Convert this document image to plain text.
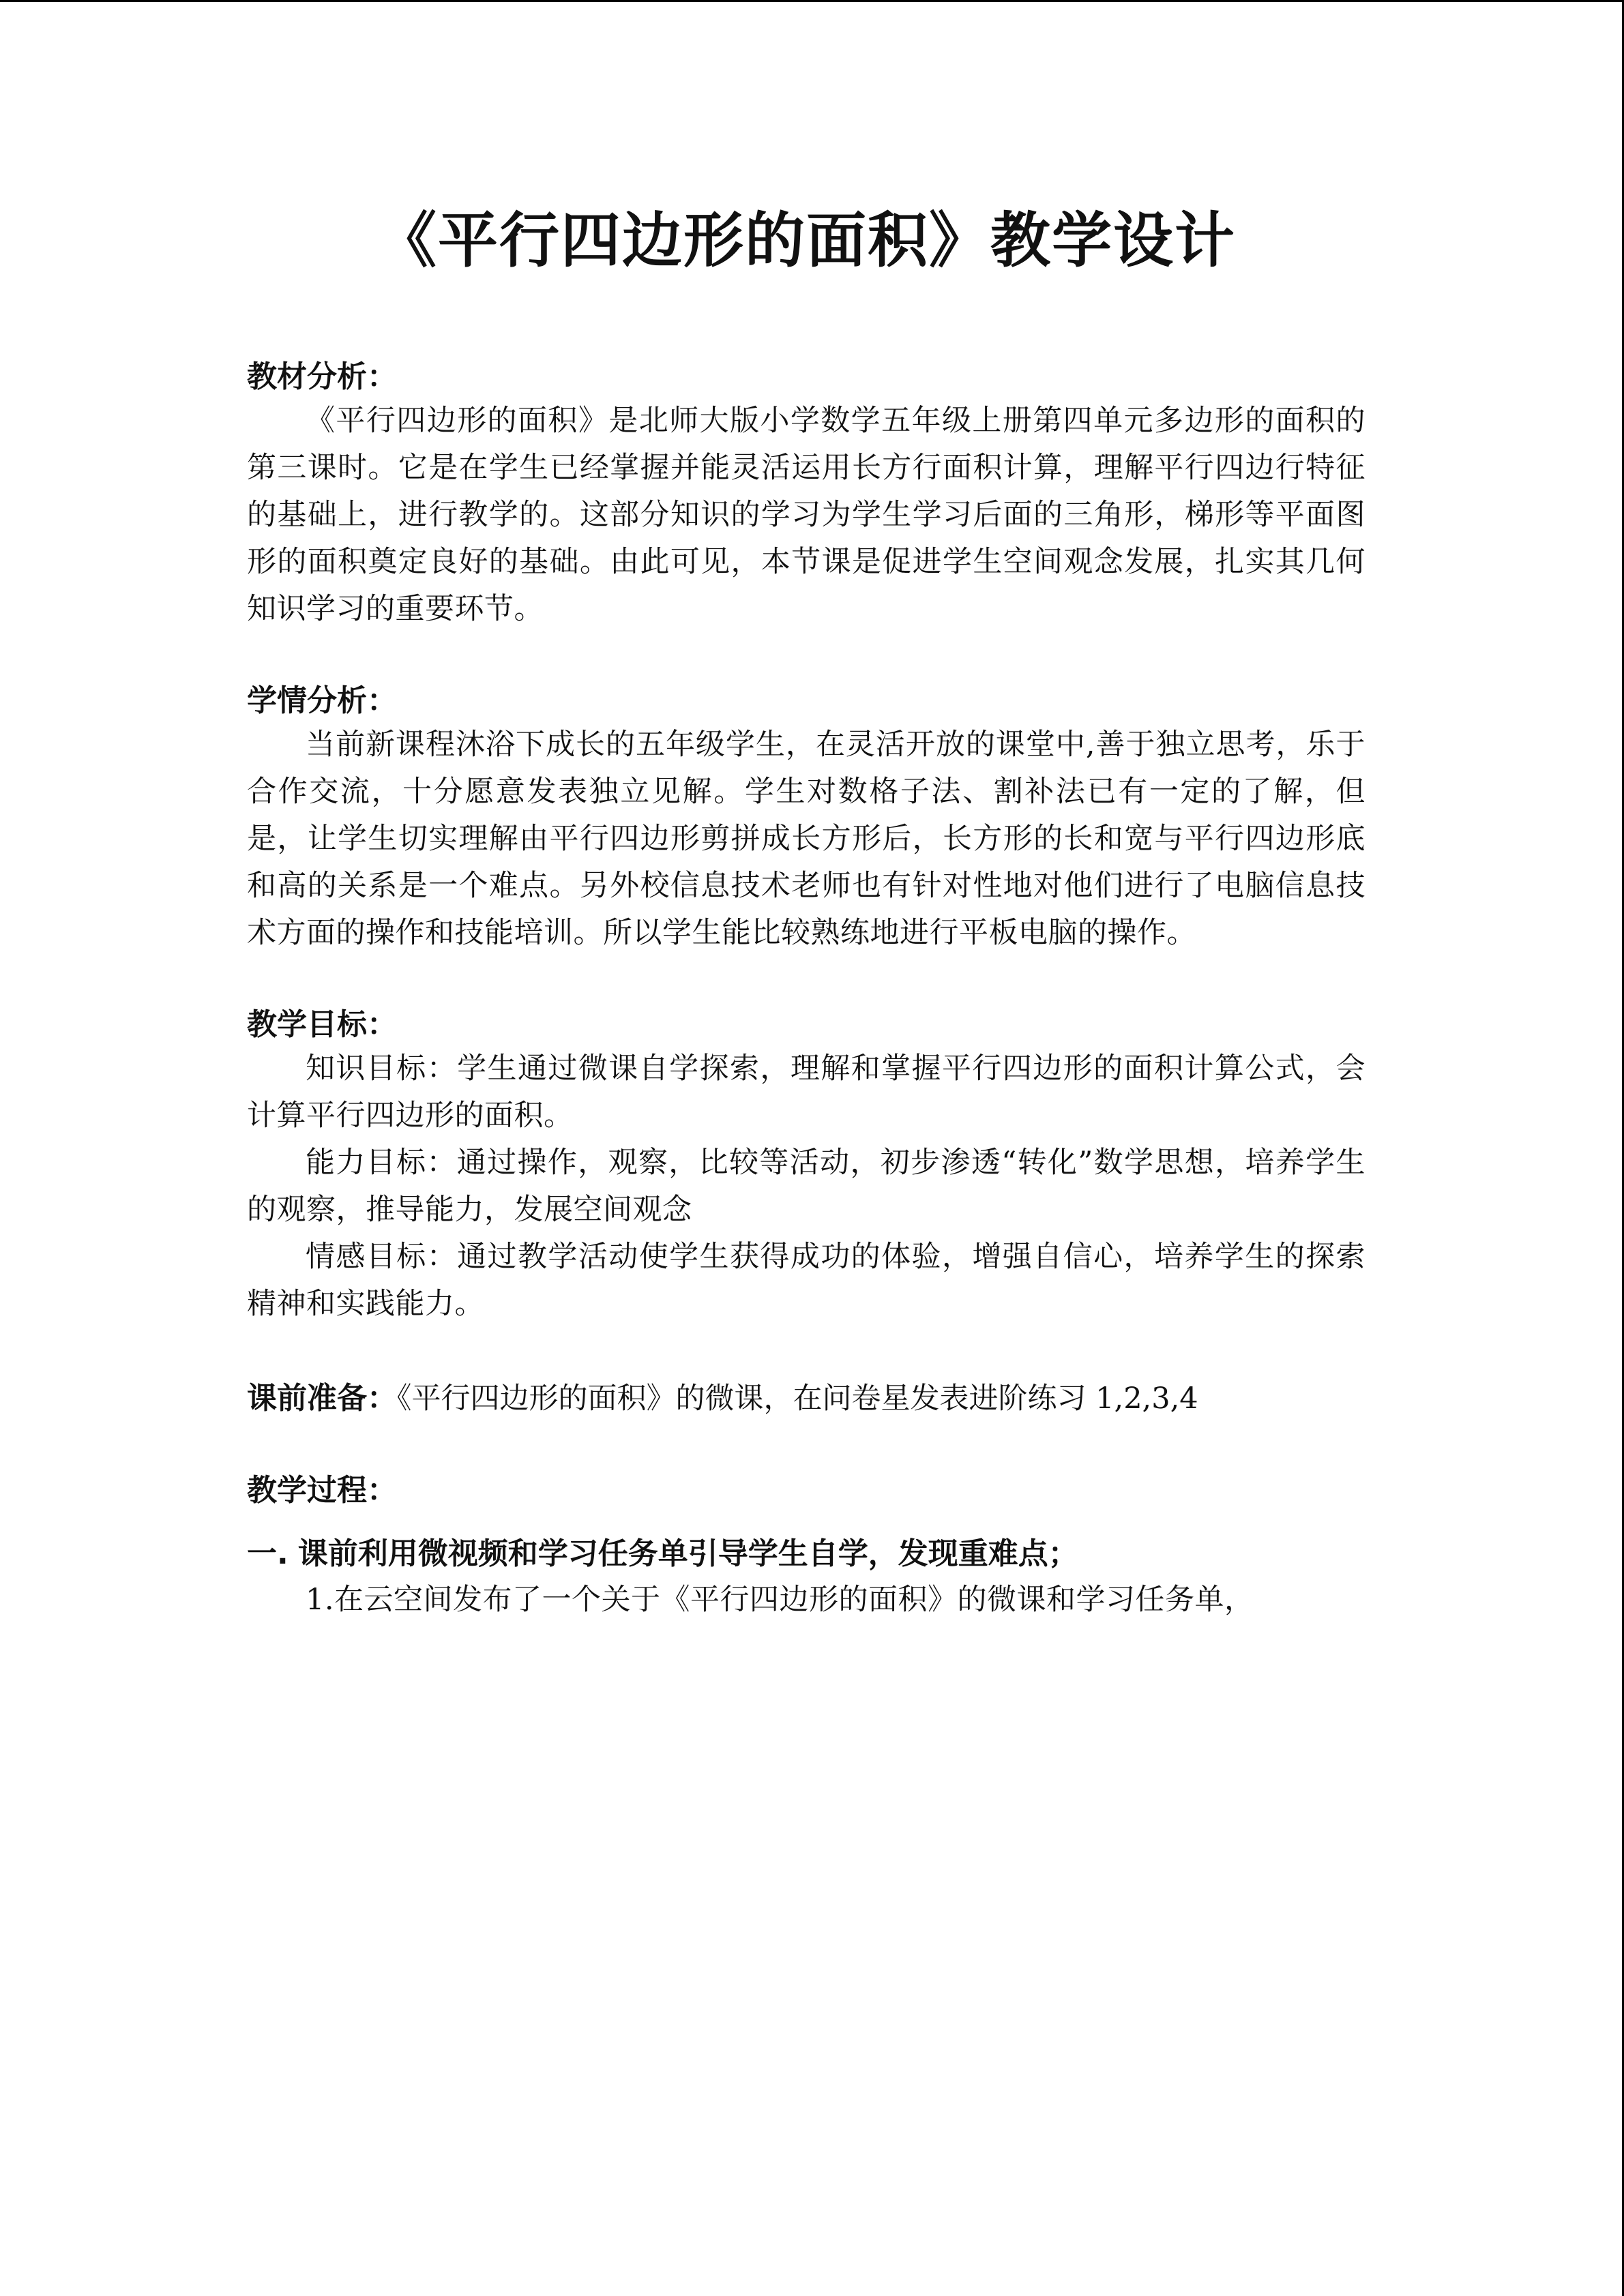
《平行四边形的面积》教学设计

教材分析：

《平行四边形的面积》是北师大版小学数学五年级上册第四单元多边形的面积的第三课时。它是在学生已经掌握并能灵活运用长方行面积计算，理解平行四边行特征的基础上，进行教学的。这部分知识的学习为学生学习后面的三角形，梯形等平面图形的面积奠定良好的基础。由此可见，本节课是促进学生空间观念发展，扎实其几何知识学习的重要环节。

学情分析：

当前新课程沐浴下成长的五年级学生，在灵活开放的课堂中,善于独立思考，乐于合作交流，十分愿意发表独立见解。学生对数格子法、割补法已有一定的了解，但是，让学生切实理解由平行四边形剪拼成长方形后，长方形的长和宽与平行四边形底和高的关系是一个难点。另外校信息技术老师也有针对性地对他们进行了电脑信息技术方面的操作和技能培训。所以学生能比较熟练地进行平板电脑的操作。

教学目标：

知识目标：学生通过微课自学探索，理解和掌握平行四边形的面积计算公式，会计算平行四边形的面积。

能力目标：通过操作，观察，比较等活动，初步渗透“转化”数学思想，培养学生的观察，推导能力，发展空间观念

情感目标：通过教学活动使学生获得成功的体验，增强自信心，培养学生的探索精神和实践能力。

课前准备：《平行四边形的面积》的微课，在问卷星发表进阶练习 1,2,3,4

教学过程：

一. 课前利用微视频和学习任务单引导学生自学，发现重难点；

1.在云空间发布了一个关于《平行四边形的面积》的微课和学习任务单，
